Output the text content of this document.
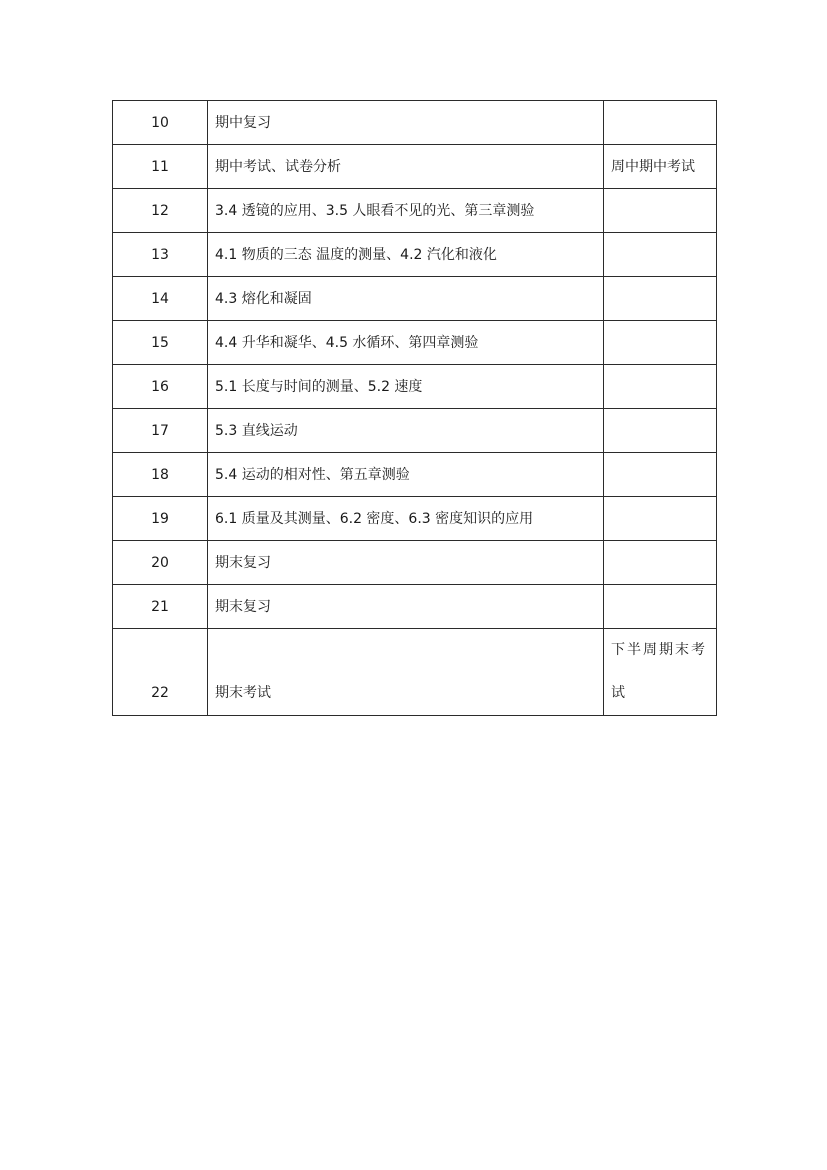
10	期中复习	
11	期中考试、试卷分析	周中期中考试
12	3.4 透镜的应用、3.5 人眼看不见的光、第三章测验	
13	4.1 物质的三态 温度的测量、4.2 汽化和液化	
14	4.3 熔化和凝固	
15	4.4 升华和凝华、4.5 水循环、第四章测验	
16	5.1 长度与时间的测量、5.2 速度	
17	5.3 直线运动	
18	5.4 运动的相对性、第五章测验	
19	6.1 质量及其测量、6.2 密度、6.3 密度知识的应用	
20	期末复习	
21	期末复习	
22	期末考试	下半周期末考试
